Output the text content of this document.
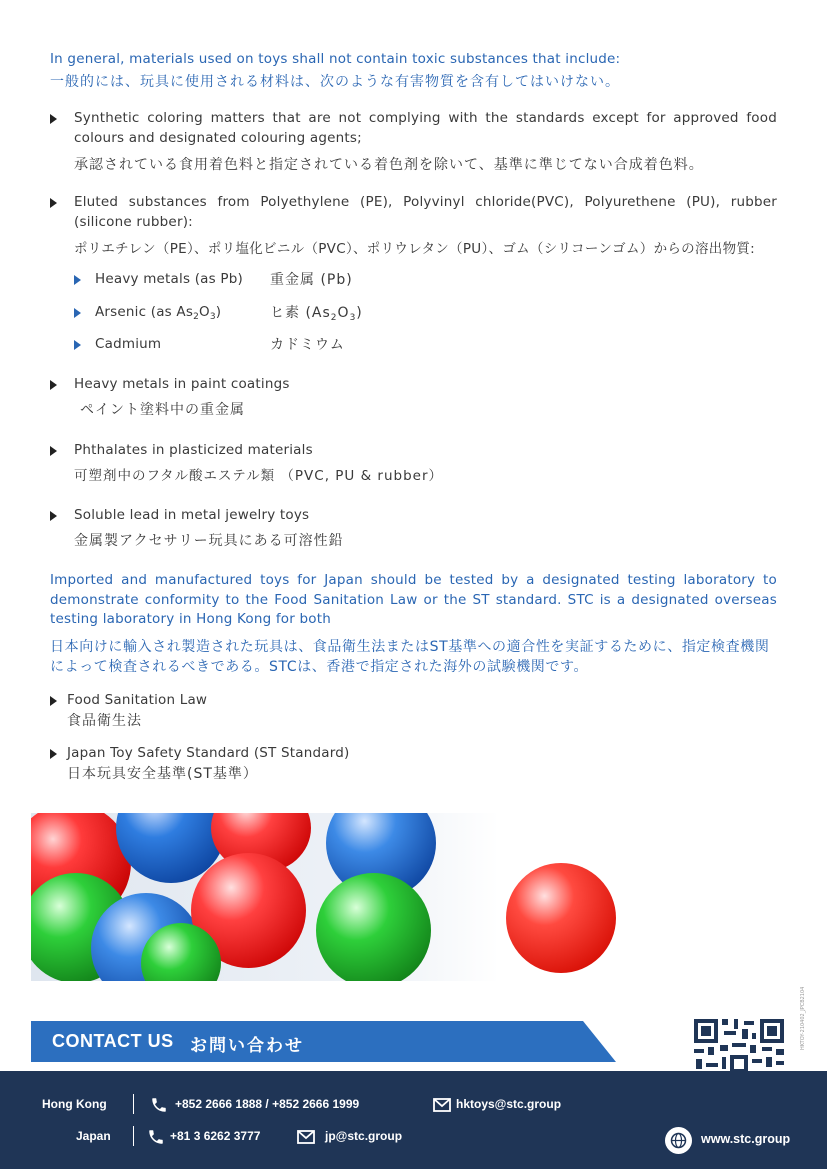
In general, materials used on toys shall not contain toxic substances that include:
一般的には、玩具に使用される材料は、次のような有害物質を含有してはいけない。
Synthetic coloring matters that are not complying with the standards except for approved food colours and designated colouring agents;
承認されている食用着色料と指定されている着色剤を除いて、基準に準じてない合成着色料。
Eluted substances from Polyethylene (PE), Polyvinyl chloride(PVC), Polyurethene (PU), rubber (silicone rubber):
ポリエチレン（PE）、ポリ塩化ビニル（PVC）、ポリウレタン（PU）、ゴム（シリコーンゴム）からの溶出物質:
Heavy metals (as Pb) 重金属 (Pb)
Arsenic (as $As_2O_3$)	ヒ素 $(As_2O_3)$
Cadmium	カドミウム
Heavy metals in paint coatings
ペイント塗料中の重金属
Phthalates in plasticized materials
可塑剤中のフタル酸エステル類 （PVC, PU & rubber）
Soluble lead in metal jewelry toys
金属製アクセサリー玩具にある可溶性鉛
Imported and manufactured toys for Japan should be tested by a designated testing laboratory to demonstrate conformity to the Food Sanitation Law or the ST standard. STC is a designated overseas testing laboratory in Hong Kong for both
日本向けに輸入され製造された玩具は、食品衛生法またはST基準への適合性を実証するために、指定検査機関によって検査されるべきである。STCは、香港で指定された海外の試験機関です。
Food Sanitation Law
食品衛生法
Japan Toy Safety Standard (ST Standard)
日本玩具安全基準(ST基準）
HKTOY-210402_JPCB2104
CONTACT US お問い合わせ
Hong Kong	+852 2666 1888 / +852 2666 1999	hktoys@stc.group
Japan	+81 3 6262 3777	jp@stc.group	www.stc.group
